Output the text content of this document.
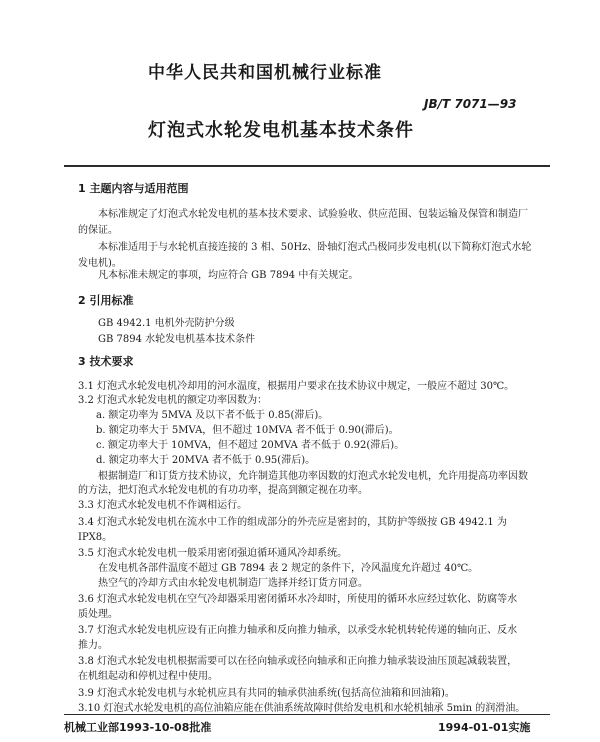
中华人民共和国机械行业标准
JB/T 7071—93
灯泡式水轮发电机基本技术条件
1 主题内容与适用范围
本标准规定了灯泡式水轮发电机的基本技术要求、试验验收、供应范围、包装运输及保管和制造厂
的保证。
本标准适用于与水轮机直接连接的 3 相、50Hz、卧轴灯泡式凸极同步发电机(以下简称灯泡式水轮
发电机)。
凡本标准未规定的事项，均应符合 GB 7894 中有关规定。
2 引用标准
GB 4942.1 电机外壳防护分级
GB 7894 水轮发电机基本技术条件
3 技术要求
3.1 灯泡式水轮发电机冷却用的河水温度，根据用户要求在技术协议中规定，一般应不超过 30℃。
3.2 灯泡式水轮发电机的额定功率因数为：
a. 额定功率为 5MVA 及以下者不低于 0.85(滞后)。
b. 额定功率大于 5MVA，但不超过 10MVA 者不低于 0.90(滞后)。
c. 额定功率大于 10MVA，但不超过 20MVA 者不低于 0.92(滞后)。
d. 额定功率大于 20MVA 者不低于 0.95(滞后)。
根据制造厂和订货方技术协议，允许制造其他功率因数的灯泡式水轮发电机，允许用提高功率因数
的方法，把灯泡式水轮发电机的有功功率，提高到额定视在功率。
3.3 灯泡式水轮发电机不作调相运行。
3.4 灯泡式水轮发电机在流水中工作的组成部分的外壳应是密封的，其防护等级按 GB 4942.1 为
IPX8。
3.5 灯泡式水轮发电机一般采用密闭强迫循环通风冷却系统。
在发电机各部件温度不超过 GB 7894 表 2 规定的条件下，冷风温度允许超过 40℃。
热空气的冷却方式由水轮发电机制造厂选择并经订货方同意。
3.6 灯泡式水轮发电机在空气冷却器采用密闭循环水冷却时，所使用的循环水应经过软化、防腐等水
质处理。
3.7 灯泡式水轮发电机应设有正向推力轴承和反向推力轴承，以承受水轮机转轮传递的轴向正、反水
推力。
3.8 灯泡式水轮发电机根据需要可以在径向轴承或径向轴承和正向推力轴承装设油压顶起减载装置，
在机组起动和停机过程中使用。
3.9 灯泡式水轮发电机与水轮机应具有共同的轴承供油系统(包括高位油箱和回油箱)。
3.10 灯泡式水轮发电机的高位油箱应能在供油系统故障时供给发电机和水轮机轴承 5min 的润滑油。
机械工业部1993-10-08批准	1994-01-01实施
